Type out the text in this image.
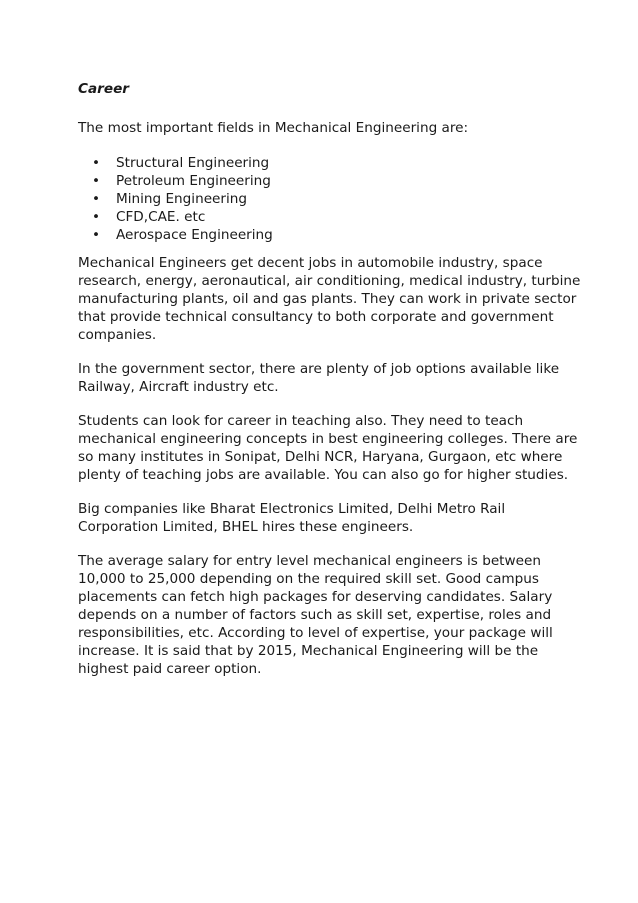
Career
The most important fields in Mechanical Engineering are:
• Structural Engineering
• Petroleum Engineering
• Mining Engineering
• CFD,CAE. etc
• Aerospace Engineering

Mechanical Engineers get decent jobs in automobile industry, space
research, energy, aeronautical, air conditioning, medical industry, turbine
manufacturing plants, oil and gas plants. They can work in private sector
that provide technical consultancy to both corporate and government
companies.

In the government sector, there are plenty of job options available like
Railway, Aircraft industry etc.

Students can look for career in teaching also. They need to teach
mechanical engineering concepts in best engineering colleges. There are
so many institutes in Sonipat, Delhi NCR, Haryana, Gurgaon, etc where
plenty of teaching jobs are available. You can also go for higher studies.

Big companies like Bharat Electronics Limited, Delhi Metro Rail
Corporation Limited, BHEL hires these engineers.

The average salary for entry level mechanical engineers is between
10,000 to 25,000 depending on the required skill set. Good campus
placements can fetch high packages for deserving candidates. Salary
depends on a number of factors such as skill set, expertise, roles and
responsibilities, etc. According to level of expertise, your package will
increase. It is said that by 2015, Mechanical Engineering will be the
highest paid career option.
